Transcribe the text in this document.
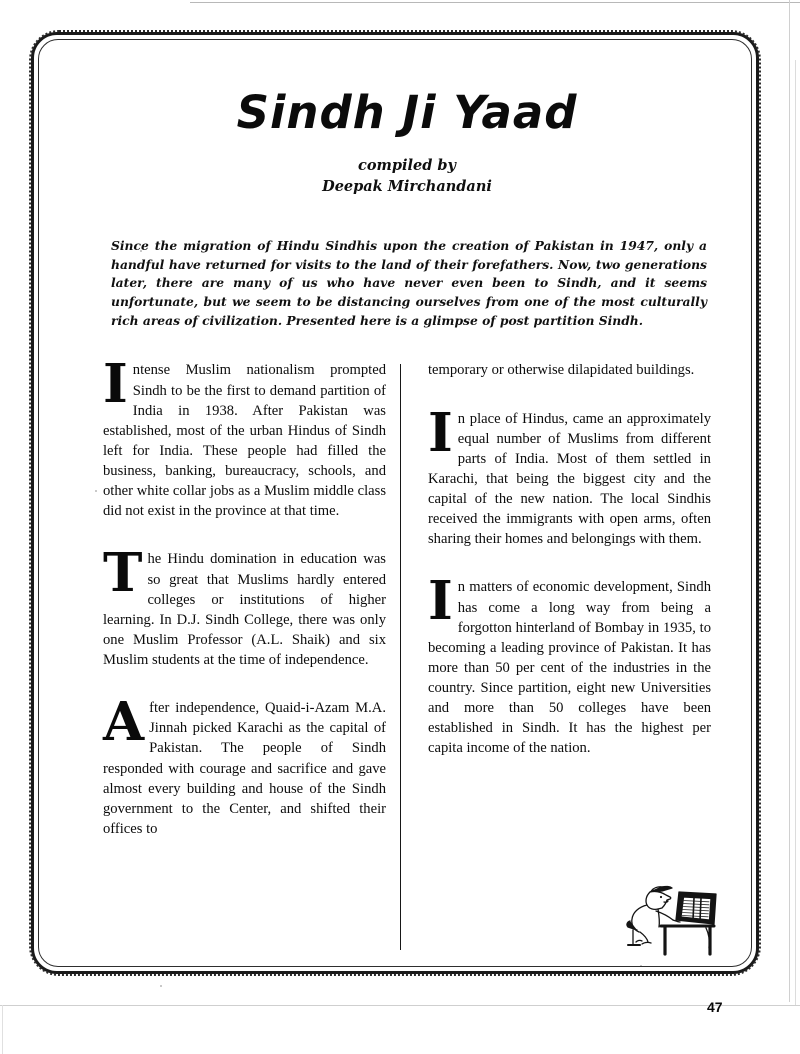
Sindh Ji Yaad
compiled by
Deepak Mirchandani

Since the migration of Hindu Sindhis upon the creation of Pakistan in 1947, only a handful have returned for visits to the land of their forefathers. Now, two generations later, there are many of us who have never even been to Sindh, and it seems unfortunate, but we seem to be distancing ourselves from one of the most culturally rich areas of civilization. Presented here is a glimpse of post partition Sindh.

Intense Muslim nationalism prompted Sindh to be the first to demand partition of India in 1938. After Pakistan was established, most of the urban Hindus of Sindh left for India. These people had filled the business, banking, bureaucracy, schools, and other white collar jobs as a Muslim middle class did not exist in the province at that time.

The Hindu domination in education was so great that Muslims hardly entered colleges or institutions of higher learning. In D.J. Sindh College, there was only one Muslim Professor (A.L. Shaik) and six Muslim students at the time of independence.

After independence, Quaid-i-Azam M.A. Jinnah picked Karachi as the capital of Pakistan. The people of Sindh responded with courage and sacrifice and gave almost every building and house of the Sindh government to the Center, and shifted their offices to

temporary or otherwise dilapidated buildings.

In place of Hindus, came an approximately equal number of Muslims from different parts of India. Most of them settled in Karachi, that being the biggest city and the capital of the new nation. The local Sindhis received the immigrants with open arms, often sharing their homes and belongings with them.

In matters of economic development, Sindh has come a long way from being a forgotton hinterland of Bombay in 1935, to becoming a leading province of Pakistan. It has more than 50 per cent of the industries in the country. Since partition, eight new Universities and more than 50 colleges have been established in Sindh. It has the highest per capita income of the nation.

47
